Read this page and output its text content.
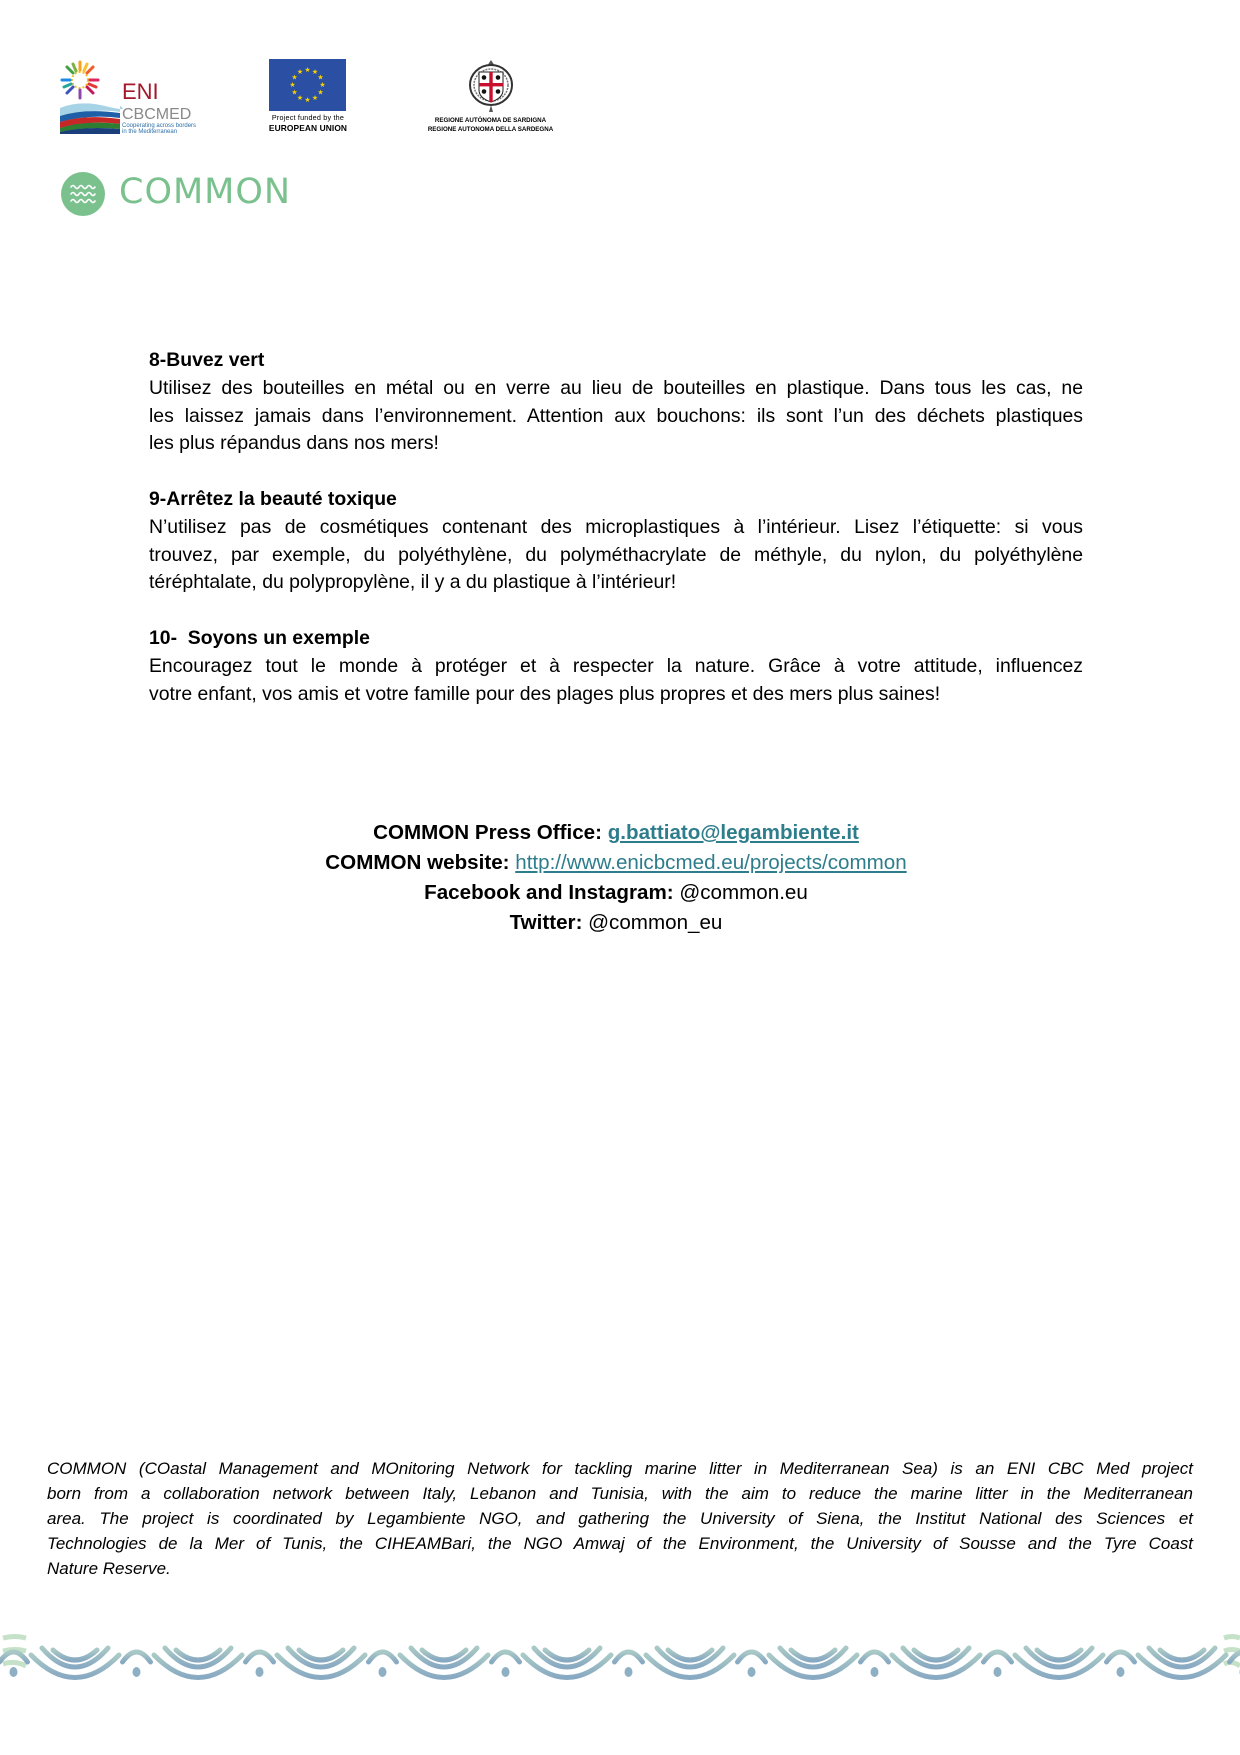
ENI
CBCMED
Cooperating across borders
in the Mediterranean
★ ★
★
★
★
★
★
★
★
★
★
★
Project funded by the
EUROPEAN UNION
REGIONE AUTÒNOMA DE SARDIGNA
REGIONE AUTONOMA DELLA SARDEGNA
COMMON
8-Buvez vert
Utilisez des bouteilles en métal ou en verre au lieu de bouteilles en plastique. Dans tous les cas, ne
les laissez jamais dans l’environnement. Attention aux bouchons: ils sont l’un des déchets plastiques
les plus répandus dans nos mers!
9-Arrêtez la beauté toxique
N’utilisez pas de cosmétiques contenant des microplastiques à l’intérieur. Lisez l’étiquette: si vous
trouvez, par exemple, du polyéthylène, du polyméthacrylate de méthyle, du nylon, du polyéthylène
téréphtalate, du polypropylène, il y a du plastique à l’intérieur!
10-  Soyons un exemple
Encouragez tout le monde à protéger et à respecter la nature. Grâce à votre attitude, influencez
votre enfant, vos amis et votre famille pour des plages plus propres et des mers plus saines!
COMMON Press Office: g.battiato@legambiente.it
COMMON website: http://www.enicbcmed.eu/projects/common
Facebook and Instagram: @common.eu
Twitter: @common_eu
COMMON (COastal Management and MOnitoring Network for tackling marine litter in Mediterranean Sea) is an ENI CBC Med project
born from a collaboration network between Italy, Lebanon and Tunisia, with the aim to reduce the marine litter in the Mediterranean
area. The project is coordinated by Legambiente NGO, and gathering the University of Siena, the Institut National des Sciences et
Technologies de la Mer of Tunis, the CIHEAMBari, the NGO Amwaj of the Environment, the University of Sousse and the Tyre Coast
Nature Reserve.
